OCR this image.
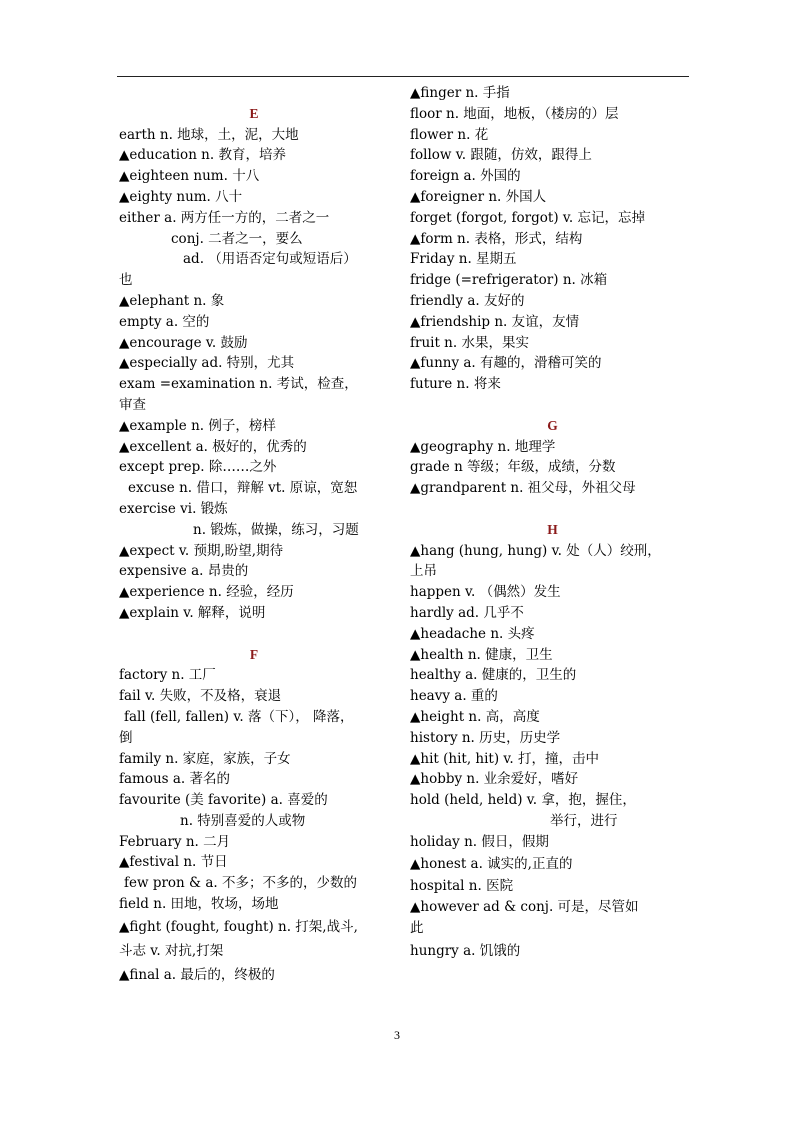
E
earth n. 地球，土，泥，大地
▲education n. 教育，培养
▲eighteen num. 十八
▲eighty num. 八十
either a. 两方任一方的，二者之一
conj. 二者之一，要么
ad. （用语否定句或短语后）
也
▲elephant n. 象
empty a. 空的
▲encourage v. 鼓励
▲especially ad. 特别，尤其
exam =examination n. 考试，检查，
审查
▲example n. 例子，榜样
▲excellent a. 极好的，优秀的
except prep. 除……之外
excuse n. 借口，辩解 vt. 原谅，宽恕
exercise vi. 锻炼
n. 锻炼，做操，练习，习题
▲expect v. 预期,盼望,期待
expensive a. 昂贵的
▲experience n. 经验，经历
▲explain v. 解释，说明
F
factory n. 工厂
fail v. 失败，不及格，衰退
fall (fell, fallen) v. 落（下）， 降落，
倒
family n. 家庭，家族，子女
famous a. 著名的
favourite (美 favorite) a. 喜爱的
n. 特别喜爱的人或物
February n. 二月
▲festival n. 节日
few pron & a. 不多；不多的，少数的
field n. 田地，牧场，场地
▲fight (fought, fought) n. 打架,战斗,
斗志 v. 对抗,打架
▲final a. 最后的，终极的
▲finger n. 手指
floor n. 地面，地板，（楼房的）层
flower n. 花
follow v. 跟随，仿效，跟得上
foreign a. 外国的
▲foreigner n. 外国人
forget (forgot, forgot) v. 忘记，忘掉
▲form n. 表格，形式，结构
Friday n. 星期五
fridge (=refrigerator) n. 冰箱
friendly a. 友好的
▲friendship n. 友谊，友情
fruit n. 水果，果实
▲funny a. 有趣的，滑稽可笑的
future n. 将来
G
▲geography n. 地理学
grade n 等级；年级，成绩，分数
▲grandparent n. 祖父母，外祖父母
H
▲hang (hung, hung) v. 处（人）绞刑，
上吊
happen v. （偶然）发生
hardly ad. 几乎不
▲headache n. 头疼
▲health n. 健康，卫生
healthy a. 健康的，卫生的
heavy a. 重的
▲height n. 高，高度
history n. 历史，历史学
▲hit (hit, hit) v. 打，撞，击中
▲hobby n. 业余爱好，嗜好
hold (held, held) v. 拿，抱，握住，
举行，进行
holiday n. 假日，假期
▲honest a. 诚实的,正直的
hospital n. 医院
▲however ad & conj. 可是，尽管如
此
hungry a. 饥饿的
3
